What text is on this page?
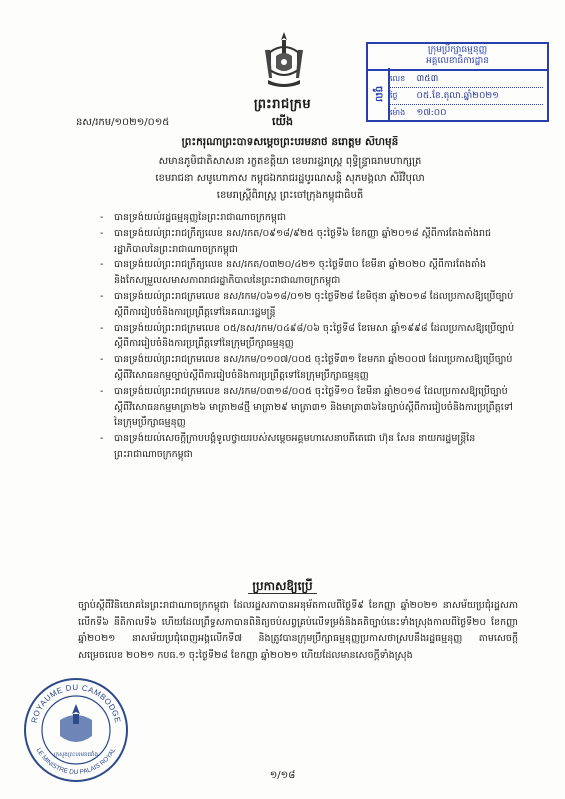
ក្រុមប្រឹក្សាធម្មនុញ្ញ
អគ្គលេខាធិការដ្ឋាន
ចូល
លេខ ៣៥៣
ថ្ងៃ ០៥.ខែ.តុលា.ឆ្នាំ២០២១
ម៉ោង ១៧:០០
ព្រះរាជក្រម
នស/រកម/១០២១/០១៥	យើង
ព្រះករុណាព្រះបាទសម្ដេចព្រះបរមនាថ នរោត្ដម សីហមុនី
សមានភូមិជាតិសាសនា រក្ខតខត្តិយា ខេមរារដ្ឋរាស្ត្រ ពុទ្ធិន្ទ្រាធរាមហាក្សត្រ
ខេមរាជនា សមូហោភាស កម្ពុជឯករាជរដ្ឋបូរណសន្តិ សុភមង្គលា សិរីវិបុលា
ខេមរាស្ត្រីពិរាស្ត្រ ព្រះចៅក្រុងកម្ពុជាធិបតី
-	បានទ្រង់យល់រដ្ឋធម្មនុញ្ញនៃព្រះរាជាណាចក្រកម្ពុជា
-	បានទ្រង់យល់ព្រះរាជក្រឹត្យលេខ នស/រកត/០៩១៨/៩២៥ ចុះថ្ងៃទី៦ ខែកញ្ញា ឆ្នាំ២០១៨ ស្តីពីការតែងតាំងរាជរដ្ឋាភិបាលនៃព្រះរាជាណាចក្រកម្ពុជា
-	បានទ្រង់យល់ព្រះរាជក្រឹត្យលេខ នស/រកត/០៣២០/៤២១ ចុះថ្ងៃទី៣០ ខែមីនា ឆ្នាំ២០២០ ស្តីពីការតែងតាំងនិងកែសម្រួលសមាសភាពរាជរដ្ឋាភិបាលនៃព្រះរាជាណាចក្រកម្ពុជា
-	បានទ្រង់យល់ព្រះរាជក្រមលេខ នស/រកម/០៦១៨/០១២ ចុះថ្ងៃទី២៨ ខែមិថុនា ឆ្នាំ២០១៨ ដែលប្រកាសឱ្យប្រើច្បាប់ស្តីពីការរៀបចំនិងការប្រព្រឹត្តទៅនៃគណៈរដ្ឋមន្ត្រី
-	បានទ្រង់យល់ព្រះរាជក្រមលេខ ០៥/នស/រកម/០៤៩៨/០៦ ចុះថ្ងៃទី៨ ខែមេសា ឆ្នាំ១៩៩៨ ដែលប្រកាសឱ្យប្រើច្បាប់ស្តីពីការរៀបចំនិងការប្រព្រឹត្តទៅនៃក្រុមប្រឹក្សាធម្មនុញ្ញ
-	បានទ្រង់យល់ព្រះរាជក្រមលេខ នស/រកម/០១០៧/០០៥ ចុះថ្ងៃទី៣១ ខែមករា ឆ្នាំ២០០៧ ដែលប្រកាសឱ្យប្រើច្បាប់ស្តីពីវិសោធនកម្មច្បាប់ស្តីពីការរៀបចំនិងការប្រព្រឹត្តទៅនៃក្រុមប្រឹក្សាធម្មនុញ្ញ
-	បានទ្រង់យល់ព្រះរាជក្រមលេខ នស/រកម/០៣១៨/០០៥ ចុះថ្ងៃទី១០ ខែមីនា ឆ្នាំ២០១៨ ដែលប្រកាសឱ្យប្រើច្បាប់ស្តីពីវិសោធនកម្មមាត្រា២៦ មាត្រា២៨ថ្មី មាត្រា២៩ មាត្រា៣១ និងមាត្រា៣៦នៃច្បាប់ស្តីពីការរៀបចំនិងការប្រព្រឹត្តទៅនៃក្រុមប្រឹក្សាធម្មនុញ្ញ
-	បានទ្រង់យល់សេចក្តីក្រាបបង្គំទូលថ្វាយរបស់សម្តេចអគ្គមហាសេនាបតីតេជោ ហ៊ុន សែន នាយករដ្ឋមន្ត្រីនៃព្រះរាជាណាចក្រកម្ពុជា
ប្រកាសឱ្យប្រើ
ច្បាប់ស្តីពីវិនិយោគនៃព្រះរាជាណាចក្រកម្ពុជា ដែលរដ្ឋសភាបានអនុម័តកាលពីថ្ងៃទី៩ ខែកញ្ញា ឆ្នាំ២០២១ នាសម័យប្រជុំរដ្ឋសភាលើកទី៦ នីតិកាលទី៦ ហើយដែលព្រឹទ្ធសភាបានពិនិត្យចប់សព្វគ្រប់លើទម្រង់និងគតិច្បាប់នេះទាំងស្រុងកាលពីថ្ងៃទី២០ ខែកញ្ញា ឆ្នាំ២០២១ នាសម័យប្រជុំពេញអង្គលើកទី៧ និងត្រូវបានក្រុមប្រឹក្សាធម្មនុញ្ញប្រកាសថាស្របនឹងរដ្ឋធម្មនុញ្ញ តាមសេចក្តីសម្រេចលេខ ២០២១ កបធ.១ ចុះថ្ងៃទី២៨ ខែកញ្ញា ឆ្នាំ២០២១ ហើយដែលមានសេចក្តីទាំងស្រុង
ROYAUME DU CAMBODGE
LE MINISTRE DU PALAIS ROYAL
ក្រសួងព្រះបរមរាជវាំង
១/១៨
